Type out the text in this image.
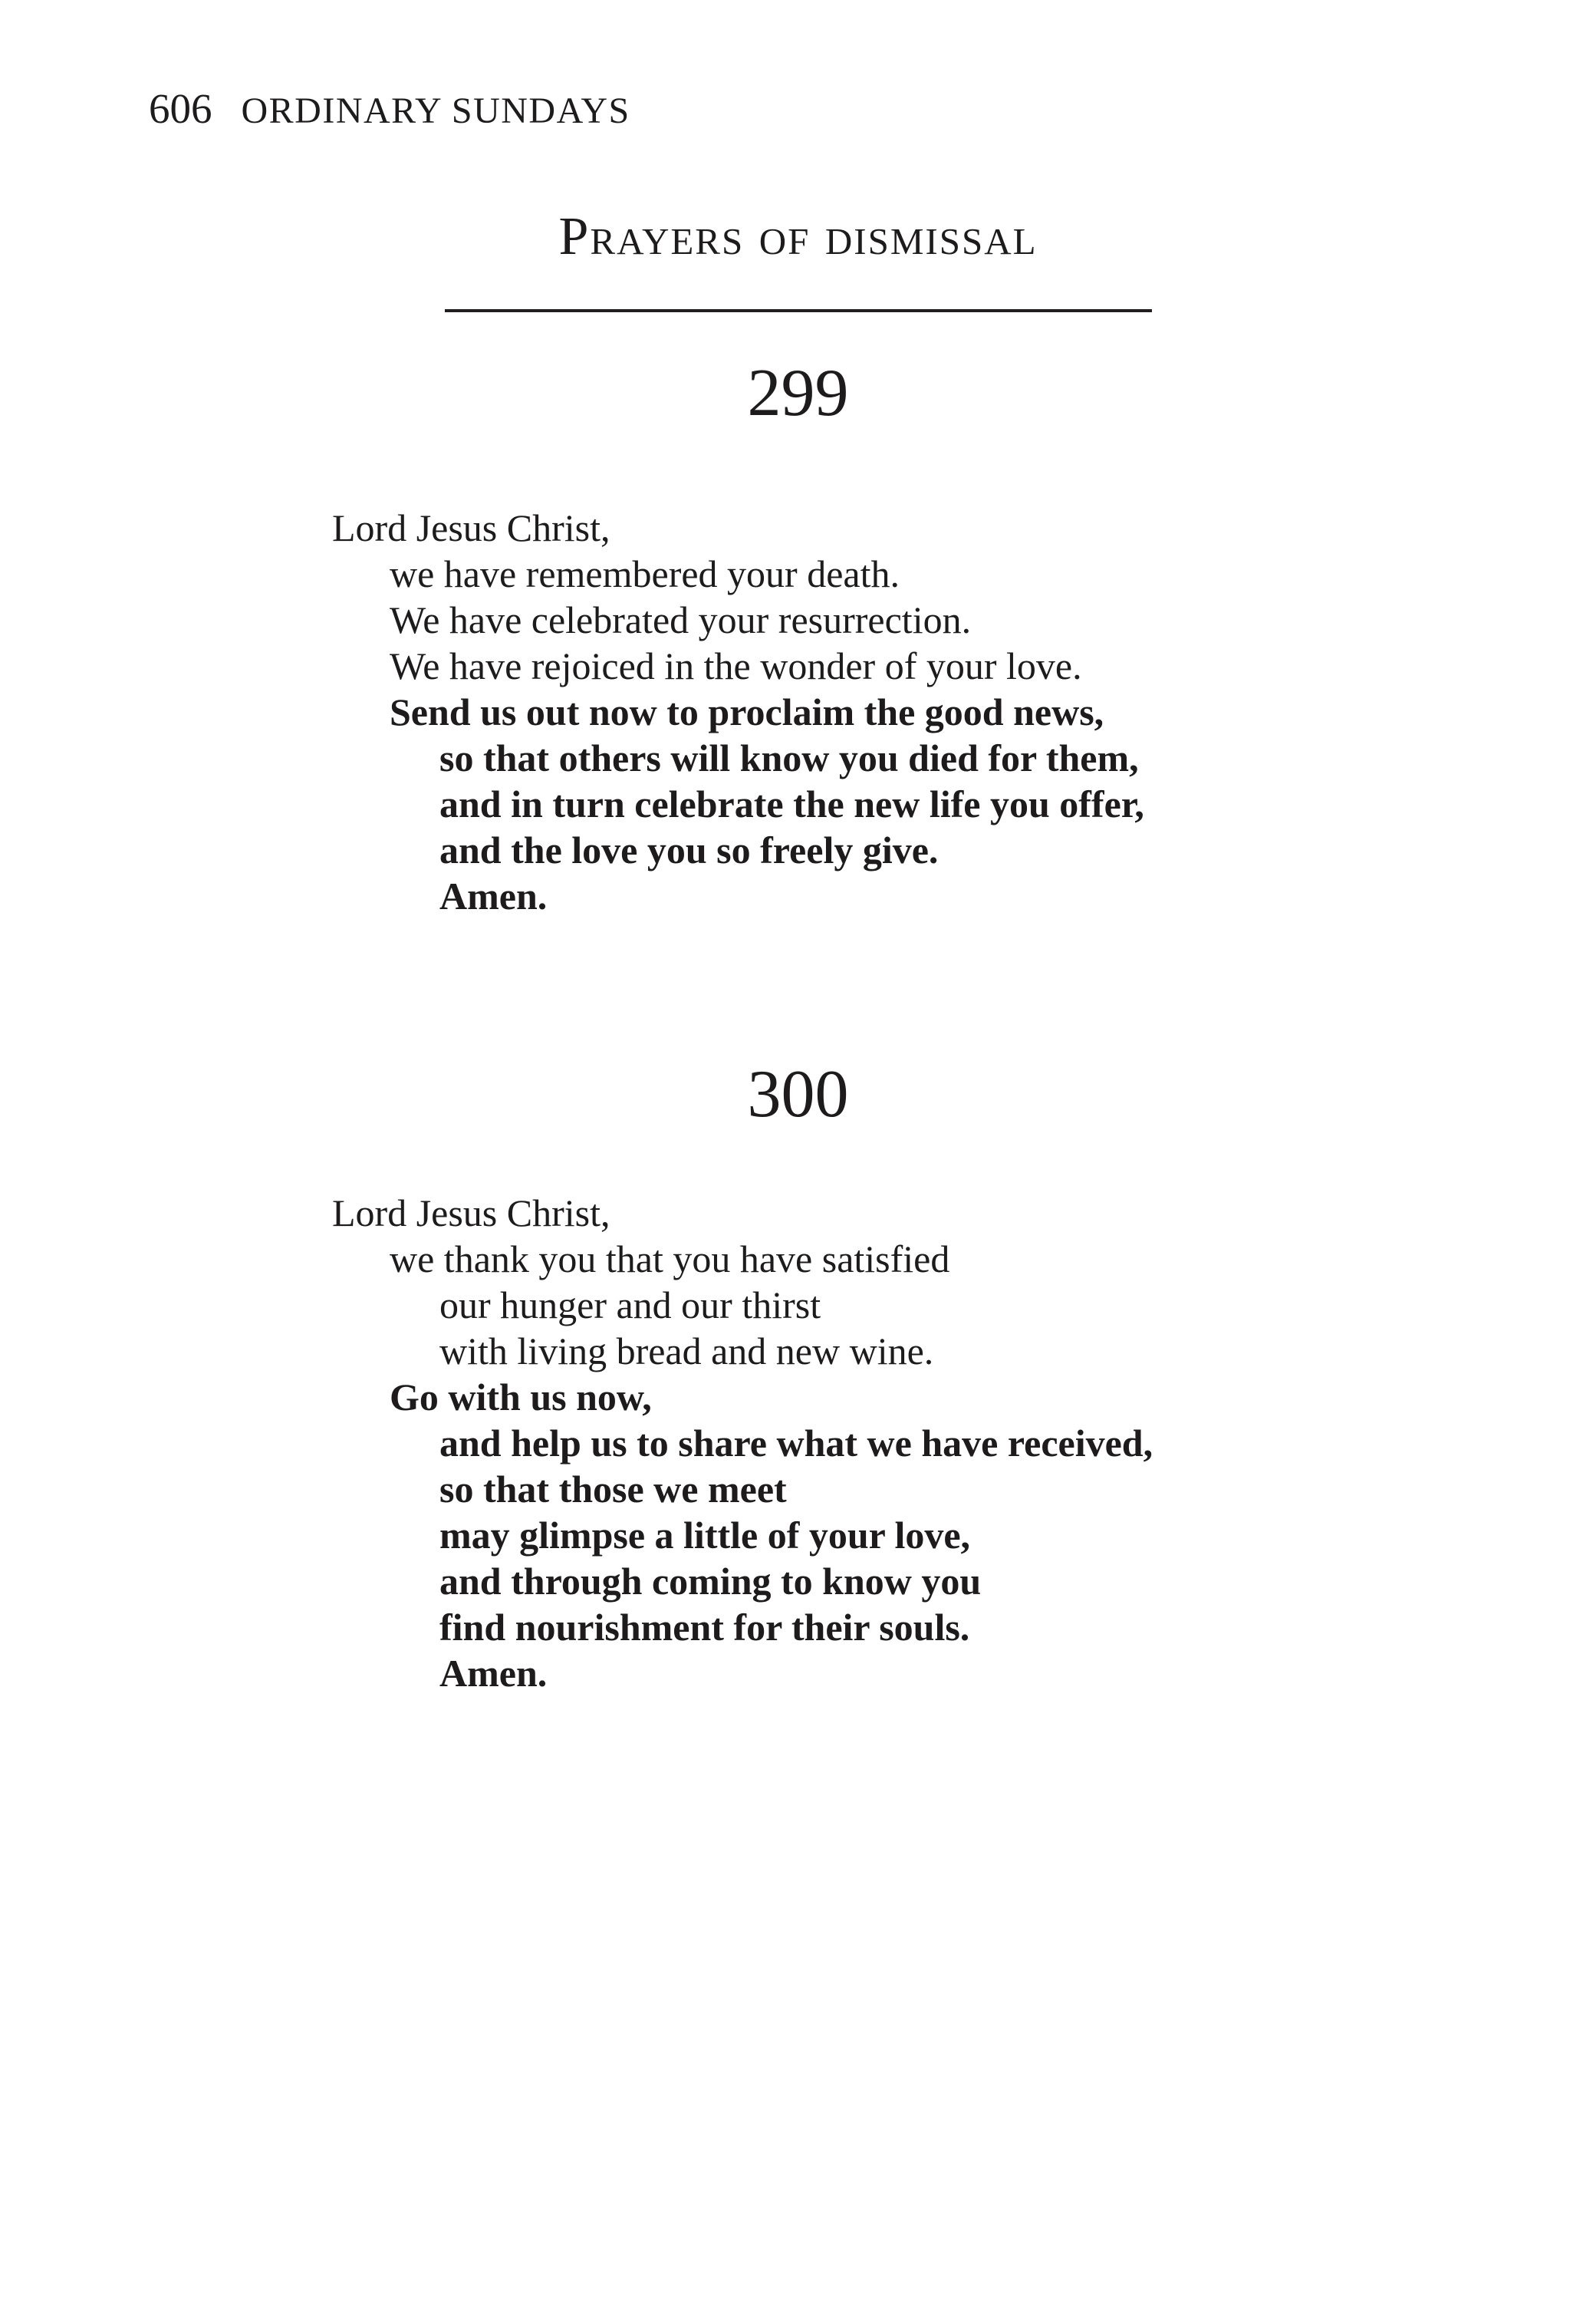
606 ORDINARY SUNDAYS
Prayers of dismissal
299

Lord Jesus Christ,

we have remembered your death.

We have celebrated your resurrection.

We have rejoiced in the wonder of your love.

Send us out now to proclaim the good news,

so that others will know you died for them,

and in turn celebrate the new life you offer,

and the love you so freely give.

Amen.

300

Lord Jesus Christ,

we thank you that you have satisfied

our hunger and our thirst

with living bread and new wine.

Go with us now,

and help us to share what we have received,

so that those we meet

may glimpse a little of your love,

and through coming to know you

find nourishment for their souls.

Amen.
